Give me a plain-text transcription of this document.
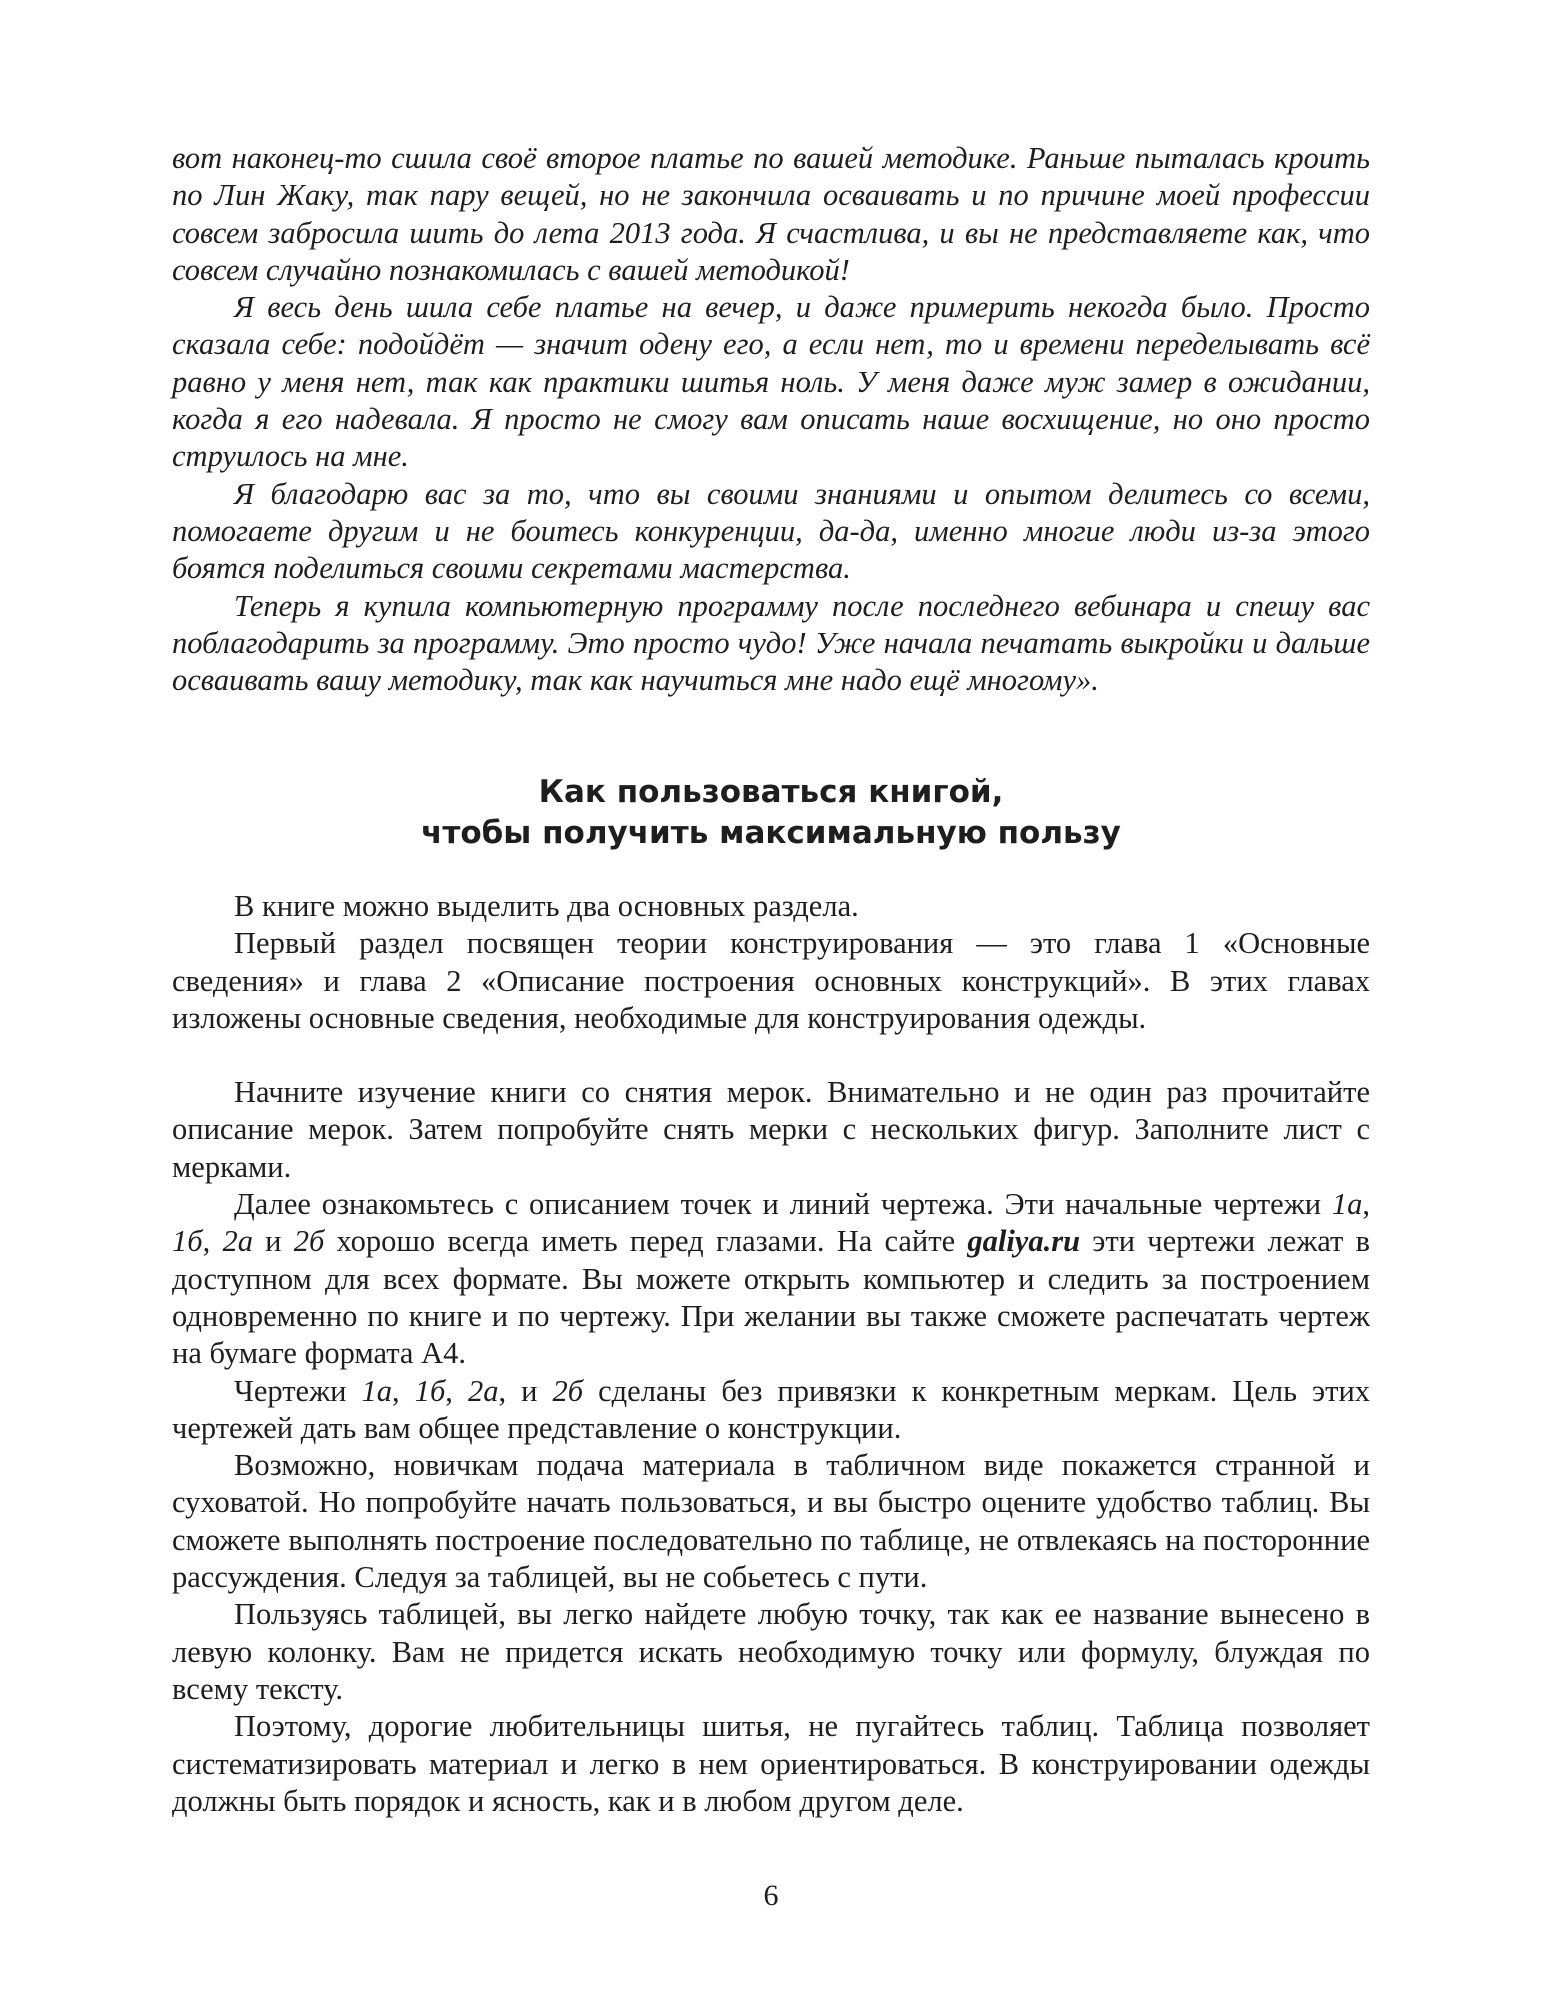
вот наконец-то сшила своё второе платье по вашей методике. Раньше пыталась кроить по Лин Жаку, так пару вещей, но не закончила осваивать и по причине моей профессии совсем забросила шить до лета 2013 года. Я счастлива, и вы не представляете как, что совсем случайно познакомилась с вашей методикой!

Я весь день шила себе платье на вечер, и даже примерить некогда было. Просто сказала себе: подойдёт — значит одену его, а если нет, то и времени переделывать всё равно у меня нет, так как практики шитья ноль. У меня даже муж замер в ожидании, когда я его надевала. Я просто не смогу вам описать наше восхищение, но оно просто струилось на мне.

Я благодарю вас за то, что вы своими знаниями и опытом делитесь со всеми, помогаете другим и не боитесь конкуренции, да-да, именно многие люди из-за этого боятся поделиться своими секретами мастерства.

Теперь я купила компьютерную программу после последнего вебинара и спешу вас поблагодарить за программу. Это просто чудо! Уже начала печатать выкройки и дальше осваивать вашу методику, так как научиться мне надо ещё многому».

Как пользоваться книгой,
чтобы получить максимальную пользу

В книге можно выделить два основных раздела.

Первый раздел посвящен теории конструирования — это глава 1 «Основные сведения» и глава 2 «Описание построения основных конструкций». В этих главах изложены основные сведения, необходимые для конструирования одежды.

Начните изучение книги со снятия мерок. Внимательно и не один раз прочитайте описание мерок. Затем попробуйте снять мерки с нескольких фигур. Заполните лист с мерками.

Далее ознакомьтесь с описанием точек и линий чертежа. Эти начальные чертежи 1а, 1б, 2а и 2б хорошо всегда иметь перед глазами. На сайте galiya.ru эти чертежи лежат в доступном для всех формате. Вы можете открыть компьютер и следить за построением одновременно по книге и по чертежу. При желании вы также сможете распечатать чертеж на бумаге формата А4.

Чертежи 1а, 1б, 2а, и 2б сделаны без привязки к конкретным меркам. Цель этих чертежей дать вам общее представление о конструкции.

Возможно, новичкам подача материала в табличном виде покажется странной и суховатой. Но попробуйте начать пользоваться, и вы быстро оцените удобство таблиц. Вы сможете выполнять построение последовательно по таблице, не отвлекаясь на посторонние рассуждения. Следуя за таблицей, вы не собьетесь с пути.

Пользуясь таблицей, вы легко найдете любую точку, так как ее название вынесено в левую колонку. Вам не придется искать необходимую точку или формулу, блуждая по всему тексту.

Поэтому, дорогие любительницы шитья, не пугайтесь таблиц. Таблица позволяет систематизировать материал и легко в нем ориентироваться. В конструировании одежды должны быть порядок и ясность, как и в любом другом деле.

6
